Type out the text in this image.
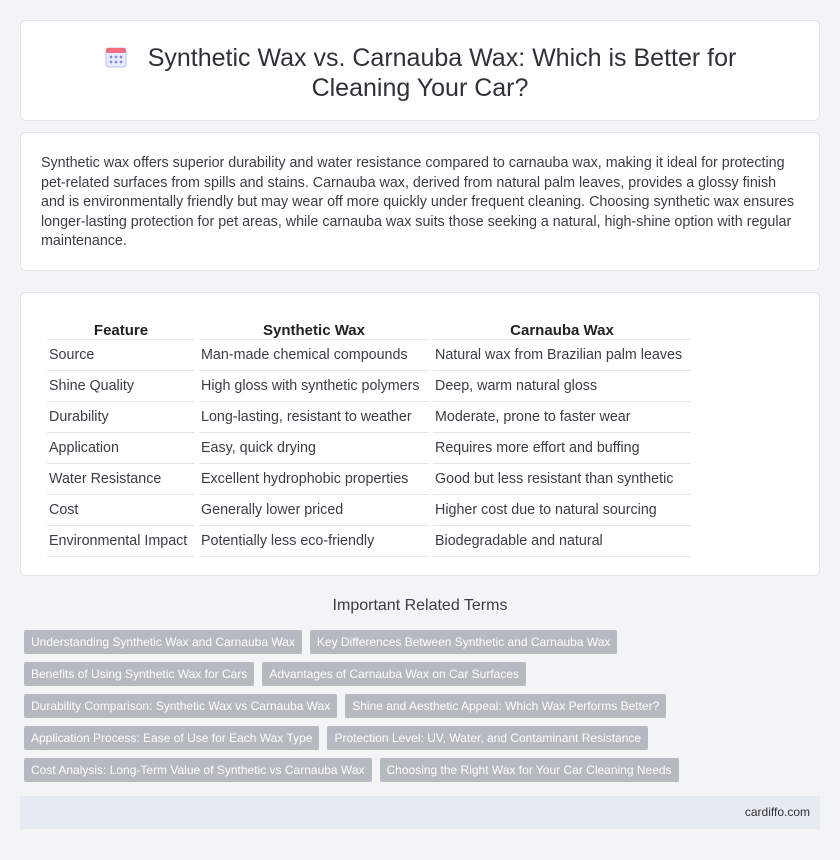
Synthetic Wax vs. Carnauba Wax: Which is Better for Cleaning Your Car?

Synthetic wax offers superior durability and water resistance compared to carnauba wax, making it ideal for protecting pet-related surfaces from spills and stains. Carnauba wax, derived from natural palm leaves, provides a glossy finish and is environmentally friendly but may wear off more quickly under frequent cleaning. Choosing synthetic wax ensures longer-lasting protection for pet areas, while carnauba wax suits those seeking a natural, high-shine option with regular maintenance.

Feature	Synthetic Wax	Carnauba Wax
Source	Man-made chemical compounds	Natural wax from Brazilian palm leaves
Shine Quality	High gloss with synthetic polymers	Deep, warm natural gloss
Durability	Long-lasting, resistant to weather	Moderate, prone to faster wear
Application	Easy, quick drying	Requires more effort and buffing
Water Resistance	Excellent hydrophobic properties	Good but less resistant than synthetic
Cost	Generally lower priced	Higher cost due to natural sourcing
Environmental Impact	Potentially less eco-friendly	Biodegradable and natural
Important Related Terms
Understanding Synthetic Wax and Carnauba Wax	Key Differences Between Synthetic and Carnauba Wax
Benefits of Using Synthetic Wax for Cars	Advantages of Carnauba Wax on Car Surfaces
Durability Comparison: Synthetic Wax vs Carnauba Wax	Shine and Aesthetic Appeal: Which Wax Performs Better?
Application Process: Ease of Use for Each Wax Type	Protection Level: UV, Water, and Contaminant Resistance
Cost Analysis: Long-Term Value of Synthetic vs Carnauba Wax	Choosing the Right Wax for Your Car Cleaning Needs
cardiffo.com
